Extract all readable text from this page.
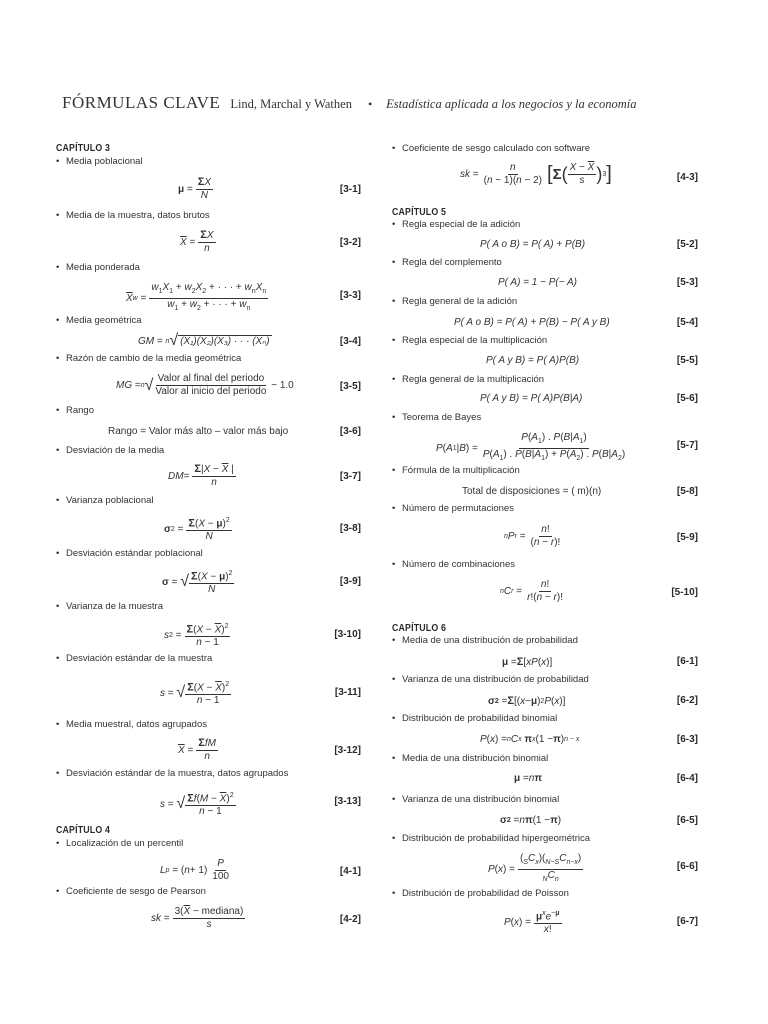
FÓRMULAS CLAVE Lind, Marchal y Wathen • Estadística aplicada a los negocios y la economía
CAPÍTULO 3
• Media poblacional
$\mu = \frac{\Sigma X}{N}$	[3-1]
• Media de la muestra, datos brutos
$\overline{X} = \frac{\Sigma X}{n}$	[3-2]
• Media ponderada
$\overline{X}$ $w = \frac{w_1X_1 + w_2X_2 + \cdot \cdot \cdot + w_nX_n}{w_1 + w_2 + \cdot \cdot \cdot + w_n}$	[3-3]
• Media geométrica
GM = n √ (X₁)(X₂)(X₃) · · · (Xₙ)	[3-4]
• Razón de cambio de la media geométrica
MG = n √ $\frac{\text{Valor al final del periodo}}{\text{Valor al inicio del periodo}}$
− 1.0	[3-5]
• Rango
Rango = Valor más alto – valor más bajo	[3-6]
• Desviación de la media
DM = $\frac{\Sigma|X - \overline{X} |}{n}$	[3-7]
• Varianza poblacional
σ $2 = \frac{\Sigma(X - \mu)^2}{N}$	[3-8]
• Desviación estándar poblacional
σ = √ $\frac{\Sigma(X - \mu)^2}{N}$	[3-9]
• Varianza de la muestra
s $2 = \frac{\Sigma(X - \overline{X})^2}{n - 1}$	[3-10]
• Desviación estándar de la muestra
s = √ $\frac{\Sigma(X - \overline{X})^2}{n - 1}$	[3-11]
• Media muestral, datos agrupados
$\overline{X} = \frac{\text{ΣfM}}{n}$	[3-12]
• Desviación estándar de la muestra, datos agrupados
s = √ $\frac{\Sigma f(M - \overline{X})^2}{n - 1}$	[3-13]
CAPÍTULO 4
• Localización de un percentil
L p = ( $n + 1) \frac{P}{100}$	[4-1]
• Coeficiente de sesgo de Pearson
sk = $\frac{3(\overline{X} - mediana)}{s}$	[4-2]
• Coeficiente de sesgo calculado con software
sk = $\frac{n}{(n - 1)(n - 2)}$ [ Σ ( $\frac{X - \overline{X}}{s}$ ) 3 ]	[4-3]
CAPÍTULO 5
• Regla especial de la adición
P( A o B) = P( A) + P(B)	[5-2]
• Regla del complemento
P( A) = 1 − P(~ A)	[5-3]
• Regla general de la adición
P( A o B) = P( A) + P(B) − P( A y B)	[5-4]
• Regla especial de la multiplicación
P( A y B) = P( A)P(B)	[5-5]
• Regla general de la multiplicación
P( A y B) = P( A)P(B|A)	[5-6]
• Teorema de Bayes
P ( A 1 | B ) = $\frac{P(A_1) . P(B|A_1)}{P(A_1) . P(B|A_1) + P(A_2) . P(B|A_2)}$	[5-7]
• Fórmula de la multiplicación
Total de disposiciones = ( m)(n)	[5-8]
• Número de permutaciones
n P $r = \frac{n!}{(n - r)!}$	[5-9]
• Número de combinaciones
n C $r = \frac{n!}{r!(n - r)!}$	[5-10]
CAPÍTULO 6
• Media de una distribución de probabilidad
μ = Σ [ xP ( x )]	[6-1]
• Varianza de una distribución de probabilidad
σ 2 = Σ [( x − μ ) 2 P ( x )]	[6-2]
• Distribución de probabilidad binomial
P ( x ) = n C x
π x (1 − π ) n − x	[6-3]
• Media de una distribución binomial
μ = n π	[6-4]
• Varianza de una distribución binomial
σ 2 = n π (1 − π )	[6-5]
• Distribución de probabilidad hipergeométrica
P ( x ) = $\frac{(_SC_x)(_{N-S}C_{n-x})}{_NC_n}$	[6-6]
• Distribución de probabilidad de Poisson
P ( x ) = $\frac{\mu^xe^{-\mu}}{x!}$	[6-7]
